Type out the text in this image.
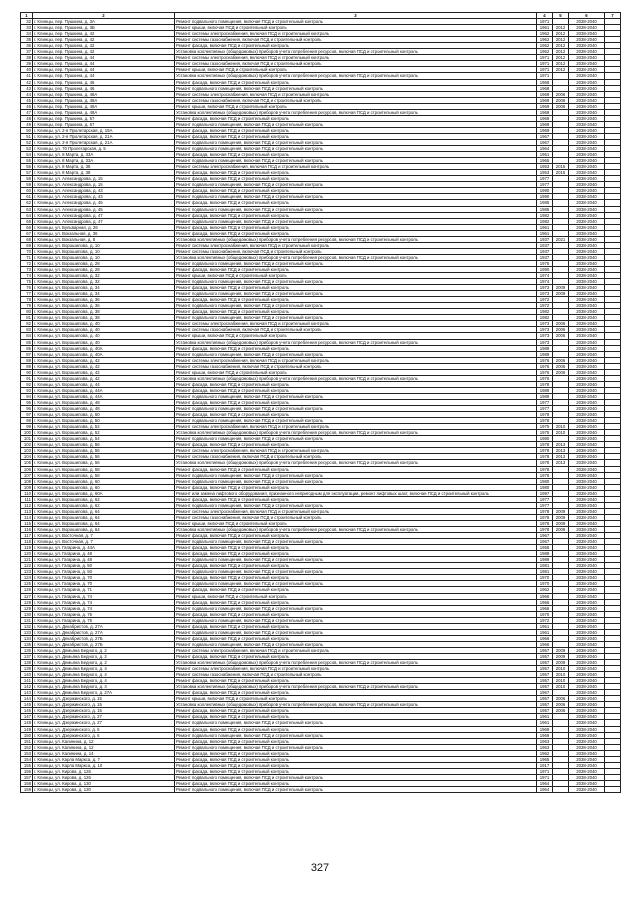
1	2	3	4	5	6	7
32	г. Клинцы, пер. Пушкина, д. 3А	Ремонт подвального помещения, включая ПСД и строительный контроль	1971		2038-2040	
33	г. Клинцы, пер. Пушкина, д. 3Б	Ремонт крыши, включая ПСД и строительный контроль	1961	2012	2038-2040	
34	г. Клинцы, пер. Пушкина, д. 42	Ремонт системы электроснабжения, включая ПСД и строительный контроль	1962	2012	2038-2040	
35	г. Клинцы, пер. Пушкина, д. 42	Ремонт системы газоснабжения, включая ПСД и строительный контроль	1962	2012	2038-2040	
36	г. Клинцы, пер. Пушкина, д. 42	Ремонт фасада, включая ПСД и строительный контроль	1962	2012	2038-2040	
37	г. Клинцы, пер. Пушкина, д. 42	Установка коллективных (общедомовых) приборов учета потребления ресурсов, включая ПСД и строительный контроль	1962	2012	2038-2040	
38	г. Клинцы, пер. Пушкина, д. 44	Ремонт системы электроснабжения, включая ПСД и строительный контроль	1971	2012	2038-2040	
39	г. Клинцы, пер. Пушкина, д. 44	Ремонт системы газоснабжения, включая ПСД и строительный контроль	1971	2012	2038-2040	
40	г. Клинцы, пер. Пушкина, д. 44	Ремонт крыши, включая ПСД и строительный контроль	1971	2012	2038-2040	
41	г. Клинцы, пер. Пушкина, д. 44	Установка коллективных (общедомовых) приборов учета потребления ресурсов, включая ПСД и строительный контроль	1971		2038-2040	
42	г. Клинцы, пер. Пушкина, д. 46	Ремонт фасада, включая ПСД и строительный контроль	1968		2038-2040	
43	г. Клинцы, пер. Пушкина, д. 46	Ремонт подвального помещения, включая ПСД и строительный контроль	1968		2038-2040	
44	г. Клинцы, пер. Пушкина, д. 48А	Ремонт системы электроснабжения, включая ПСД и строительный контроль	1969	2006	2038-2040	
45	г. Клинцы, пер. Пушкина, д. 48А	Ремонт системы газоснабжения, включая ПСД и строительный контроль	1969	2006	2038-2040	
46	г. Клинцы, пер. Пушкина, д. 48А	Ремонт крыши, включая ПСД и строительный контроль	1969	2006	2038-2040	
47	г. Клинцы, пер. Пушкина, д. 48А	Установка коллективных (общедомовых) приборов учета потребления ресурсов, включая ПСД и строительный контроль	1969		2038-2040	
48	г. Клинцы, пер. Пушкина, д. 57	Ремонт фасада, включая ПСД и строительный контроль	1969		2038-2040	
49	г. Клинцы, пер. Пушкина, д. 57	Ремонт подвального помещения, включая ПСД и строительный контроль	1969		2038-2040	
50	г. Клинцы, ул. 2-я Пролетарская, д. 19А	Ремонт фасада, включая ПСД и строительный контроль	1969		2038-2040	
51	г. Клинцы, ул. 2-я Пролетарская, д. 21А	Ремонт фасада, включая ПСД и строительный контроль	1967		2038-2040	
52	г. Клинцы, ул. 2-я Пролетарская, д. 21А	Ремонт подвального помещения, включая ПСД и строительный контроль	1967		2038-2040	
53	г. Клинцы, ул. 70 Пролетарская, д. 5	Ремонт подвального помещения, включая ПСД и строительный контроль	1964		2038-2040	
54	г. Клинцы, ул. 8 Марта, д. 33А	Ремонт фасада, включая ПСД и строительный контроль	1961		2038-2040	
55	г. Клинцы, ул. 8 Марта, д. 33А	Ремонт подвального помещения, включая ПСД и строительный контроль	1965		2038-2040	
56	г. Клинцы, ул. 8 Марта, д. 38	Ремонт системы электроснабжения, включая ПСД и строительный контроль	1953	2015	2038-2040	
57	г. Клинцы, ул. 8 Марта, д. 38	Ремонт фасада, включая ПСД и строительный контроль	1953	2015	2038-2040	
58	г. Клинцы, ул. Александрова, д. 15	Ремонт фасада, включая ПСД и строительный контроль	1977		2038-2040	
59	г. Клинцы, ул. Александрова, д. 15	Ремонт подвального помещения, включая ПСД и строительный контроль	1977		2038-2040	
60	г. Клинцы, ул. Александрова, д. 43	Ремонт фасада, включая ПСД и строительный контроль	1990		2038-2040	
61	г. Клинцы, ул. Александрова, д. 43	Ремонт подвального помещения, включая ПСД и строительный контроль	1990		2038-2040	
62	г. Клинцы, ул. Александрова, д. 45	Ремонт фасада, включая ПСД и строительный контроль	1985		2038-2040	
63	г. Клинцы, ул. Александрова, д. 45	Ремонт подвального помещения, включая ПСД и строительный контроль	1985		2038-2040	
64	г. Клинцы, ул. Александрова, д. 47	Ремонт фасада, включая ПСД и строительный контроль	1982		2038-2040	
65	г. Клинцы, ул. Александрова, д. 47	Ремонт подвального помещения, включая ПСД и строительный контроль	1982		2038-2040	
66	г. Клинцы, ул. Бульварная, д. 26	Ремонт фасада, включая ПСД и строительный контроль	1961		2038-2040	
67	г. Клинцы, ул. Вокзальная, д. 36	Ремонт фасада, включая ПСД и строительный контроль	1961		2038-2040	
68	г. Клинцы, ул. Вокзальная, д. 8	Установка коллективных (общедомовых) приборов учета потребления ресурсов, включая ПСД и строительный контроль	1937	2021	2038-2040	
69	г. Клинцы, ул. Ворошилова, д. 10	Ремонт системы электроснабжения, включая ПСД и строительный контроль	1937		2038-2040	
70	г. Клинцы, ул. Ворошилова, д. 10	Ремонт системы газоснабжения, включая ПСД и строительный контроль	1937		2038-2040	
71	г. Клинцы, ул. Ворошилова, д. 10	Установка коллективных (общедомовых) приборов учета потребления ресурсов, включая ПСД и строительный контроль	1937		2038-2040	
72	г. Клинцы, ул. Ворошилова, д. 28	Ремонт подвального помещения, включая ПСД и строительный контроль	1975		2038-2040	
73	г. Клинцы, ул. Ворошилова, д. 28	Ремонт фасада, включая ПСД и строительный контроль	1990		2038-2040	
74	г. Клинцы, ул. Ворошилова, д. 32	Ремонт крыши, включая ПСД и строительный контроль	1974		2038-2040	
75	г. Клинцы, ул. Ворошилова, д. 32	Ремонт подвального помещения, включая ПСД и строительный контроль	1974		2038-2040	
76	г. Клинцы, ул. Ворошилова, д. 34	Ремонт фасада, включая ПСД и строительный контроль	1973	2009	2038-2040	
77	г. Клинцы, ул. Ворошилова, д. 34	Ремонт подвального помещения, включая ПСД и строительный контроль	1973	2009	2038-2040	
78	г. Клинцы, ул. Ворошилова, д. 36	Ремонт фасада, включая ПСД и строительный контроль	1972		2038-2040	
79	г. Клинцы, ул. Ворошилова, д. 36	Ремонт подвального помещения, включая ПСД и строительный контроль	1972		2038-2040	
80	г. Клинцы, ул. Ворошилова, д. 38	Ремонт фасада, включая ПСД и строительный контроль	1982		2038-2040	
81	г. Клинцы, ул. Ворошилова, д. 38	Ремонт подвального помещения, включая ПСД и строительный контроль	1982		2038-2040	
82	г. Клинцы, ул. Ворошилова, д. 40	Ремонт системы электроснабжения, включая ПСД и строительный контроль	1973	2006	2038-2040	
83	г. Клинцы, ул. Ворошилова, д. 40	Ремонт системы газоснабжения, включая ПСД и строительный контроль	1973	2006	2038-2040	
84	г. Клинцы, ул. Ворошилова, д. 40	Ремонт крыши, включая ПСД и строительный контроль	1973	2006	2038-2040	
85	г. Клинцы, ул. Ворошилова, д. 40	Установка коллективных (общедомовых) приборов учета потребления ресурсов, включая ПСД и строительный контроль	1973		2038-2040	
86	г. Клинцы, ул. Ворошилова, д. 40А	Ремонт фасада, включая ПСД и строительный контроль	1989		2038-2040	
87	г. Клинцы, ул. Ворошилова, д. 40А	Ремонт подвального помещения, включая ПСД и строительный контроль	1989		2038-2040	
88	г. Клинцы, ул. Ворошилова, д. 42	Ремонт системы электроснабжения, включая ПСД и строительный контроль	1976	2006	2038-2040	
89	г. Клинцы, ул. Ворошилова, д. 42	Ремонт системы газоснабжения, включая ПСД и строительный контроль	1976	2006	2038-2040	
90	г. Клинцы, ул. Ворошилова, д. 42	Ремонт крыши, включая ПСД и строительный контроль	1976	2006	2038-2040	
91	г. Клинцы, ул. Ворошилова, д. 42	Установка коллективных (общедомовых) приборов учета потребления ресурсов, включая ПСД и строительный контроль	1976		2038-2040	
92	г. Клинцы, ул. Ворошилова, д. 44	Ремонт фасада, включая ПСД и строительный контроль	1978		2038-2040	
93	г. Клинцы, ул. Ворошилова, д. 44А	Ремонт фасада, включая ПСД и строительный контроль	1989		2038-2040	
94	г. Клинцы, ул. Ворошилова, д. 44А	Ремонт подвального помещения, включая ПСД и строительный контроль	1989		2038-2040	
95	г. Клинцы, ул. Ворошилова, д. 48	Ремонт фасада, включая ПСД и строительный контроль	1977		2038-2040	
96	г. Клинцы, ул. Ворошилова, д. 48	Ремонт подвального помещения, включая ПСД и строительный контроль	1977		2038-2040	
97	г. Клинцы, ул. Ворошилова, д. 50	Ремонт фасада, включая ПСД и строительный контроль	1978		2038-2040	
98	г. Клинцы, ул. Ворошилова, д. 50	Ремонт подвального помещения, включая ПСД и строительный контроль	1978		2038-2040	
99	г. Клинцы, ул. Ворошилова, д. 52	Ремонт системы электроснабжения, включая ПСД и строительный контроль	1975	2010	2038-2040	
100	г. Клинцы, ул. Ворошилова, д. 52	Установка коллективных (общедомовых) приборов учета потребления ресурсов, включая ПСД и строительный контроль	1975	2010	2038-2040	
101	г. Клинцы, ул. Ворошилова, д. 54	Ремонт подвального помещения, включая ПСД и строительный контроль	1980		2038-2040	
102	г. Клинцы, ул. Ворошилова, д. 56	Ремонт фасада, включая ПСД и строительный контроль	1978	2013	2038-2040	
103	г. Клинцы, ул. Ворошилова, д. 56	Ремонт системы электроснабжения, включая ПСД и строительный контроль	1978	2013	2038-2040	
104	г. Клинцы, ул. Ворошилова, д. 56	Ремонт системы газоснабжения, включая ПСД и строительный контроль	1978	2013	2038-2040	
105	г. Клинцы, ул. Ворошилова, д. 56	Установка коллективных (общедомовых) приборов учета потребления ресурсов, включая ПСД и строительный контроль	1978	2013	2038-2040	
106	г. Клинцы, ул. Ворошилова, д. 58	Ремонт фасада, включая ПСД и строительный контроль	1978		2038-2040	
107	г. Клинцы, ул. Ворошилова, д. 58	Ремонт подвального помещения, включая ПСД и строительный контроль	1978		2038-2040	
108	г. Клинцы, ул. Ворошилова, д. 60	Ремонт подвального помещения, включая ПСД и строительный контроль	1980		2038-2040	
109	г. Клинцы, ул. Ворошилова, д. 60	Ремонт фасада, включая ПСД и строительный контроль	1980		2038-2040	
110	г. Клинцы, ул. Ворошилова, д. 60А	Ремонт или замена лифтового оборудования, признанного непригодным для эксплуатации, ремонт лифтовых шахт, включая ПСД и строительный контроль	1997		2038-2040	
111	г. Клинцы, ул. Ворошилова, д. 62	Ремонт фасада, включая ПСД и строительный контроль	1977		2038-2040	
112	г. Клинцы, ул. Ворошилова, д. 62	Ремонт подвального помещения, включая ПСД и строительный контроль	1977		2038-2040	
113	г. Клинцы, ул. Ворошилова, д. 64	Ремонт системы электроснабжения, включая ПСД и строительный контроль	1978	2009	2038-2040	
114	г. Клинцы, ул. Ворошилова, д. 64	Ремонт системы газоснабжения, включая ПСД и строительный контроль	1978	2009	2038-2040	
115	г. Клинцы, ул. Ворошилова, д. 64	Ремонт крыши, включая ПСД и строительный контроль	1978	2009	2038-2040	
116	г. Клинцы, ул. Ворошилова, д. 64	Установка коллективных (общедомовых) приборов учета потребления ресурсов, включая ПСД и строительный контроль	1978	2009	2038-2040	
117	г. Клинцы, ул. Восточная, д. 7	Ремонт фасада, включая ПСД и строительный контроль	1967		2038-2040	
118	г. Клинцы, ул. Восточная, д. 7	Ремонт подвального помещения, включая ПСД и строительный контроль	1967		2038-2040	
119	г. Клинцы, ул. Гагарина, д. 44А	Ремонт фасада, включая ПСД и строительный контроль	1958		2038-2040	
120	г. Клинцы, ул. Гагарина, д. 48	Ремонт фасада, включая ПСД и строительный контроль	1989		2038-2040	
121	г. Клинцы, ул. Гагарина, д. 48	Ремонт подвального помещения, включая ПСД и строительный контроль	1989		2038-2040	
122	г. Клинцы, ул. Гагарина, д. 50	Ремонт фасада, включая ПСД и строительный контроль	1981		2038-2040	
123	г. Клинцы, ул. Гагарина, д. 50	Ремонт подвального помещения, включая ПСД и строительный контроль	1981		2038-2040	
124	г. Клинцы, ул. Гагарина, д. 70	Ремонт фасада, включая ПСД и строительный контроль	1970		2038-2040	
125	г. Клинцы, ул. Гагарина, д. 70	Ремонт подвального помещения, включая ПСД и строительный контроль	1970		2038-2040	
126	г. Клинцы, ул. Гагарина, д. 71	Ремонт фасада, включая ПСД и строительный контроль	1962		2038-2040	
127	г. Клинцы, ул. Гагарина, д. 74	Ремонт крыши, включая ПСД и строительный контроль	1966		2038-2040	
128	г. Клинцы, ул. Гагарина, д. 74	Ремонт фасада, включая ПСД и строительный контроль	1966		2038-2040	
129	г. Клинцы, ул. Гагарина, д. 74	Ремонт подвального помещения, включая ПСД и строительный контроль	1966		2038-2040	
130	г. Клинцы, ул. Гагарина, д. 75	Ремонт фасада, включая ПСД и строительный контроль	1970		2038-2040	
131	г. Клинцы, ул. Гагарина, д. 75	Ремонт подвального помещения, включая ПСД и строительный контроль	1972		2038-2040	
132	г. Клинцы, ул. Декабристов, д. 27А	Ремонт фасада, включая ПСД и строительный контроль	1961		2038-2040	
133	г. Клинцы, ул. Декабристов, д. 27А	Ремонт подвального помещения, включая ПСД и строительный контроль	1961		2038-2040	
134	г. Клинцы, ул. Декабристов, д. 27Б	Ремонт фасада, включая ПСД и строительный контроль	1966		2038-2040	
135	г. Клинцы, ул. Декабристов, д. 27Б	Ремонт подвального помещения, включая ПСД и строительный контроль	1966		2038-2040	
136	г. Клинцы, ул. Демьяна Бедного, д. 2	Ремонт системы электроснабжения, включая ПСД и строительный контроль	1957	2009	2038-2040	
137	г. Клинцы, ул. Демьяна Бедного, д. 2	Ремонт фасада, включая ПСД и строительный контроль	1957	2009	2038-2040	
138	г. Клинцы, ул. Демьяна Бедного, д. 2	Установка коллективных (общедомовых) приборов учета потребления ресурсов, включая ПСД и строительный контроль	1957	2009	2038-2040	
139	г. Клинцы, ул. Демьяна Бедного, д. 4	Ремонт системы электроснабжения, включая ПСД и строительный контроль	1957	2010	2038-2040	
140	г. Клинцы, ул. Демьяна Бедного, д. 4	Ремонт системы газоснабжения, включая ПСД и строительный контроль	1957	2010	2038-2040	
141	г. Клинцы, ул. Демьяна Бедного, д. 4	Ремонт фасада, включая ПСД и строительный контроль	1957	2010	2038-2040	
142	г. Клинцы, ул. Демьяна Бедного, д. 4	Установка коллективных (общедомовых) приборов учета потребления ресурсов, включая ПСД и строительный контроль	1957	2010	2038-2040	
143	г. Клинцы, ул. Демьяна Бедного, д. 27А	Ремонт фасада, включая ПСД и строительный контроль	1967		2038-2040	
144	г. Клинцы, ул. Дзержинского, д. 15	Ремонт крыши, включая ПСД и строительный контроль	1957	2006	2038-2040	
145	г. Клинцы, ул. Дзержинского, д. 15	Установка коллективных (общедомовых) приборов учета потребления ресурсов, включая ПСД и строительный контроль	1957	2006	2038-2040	
146	г. Клинцы, ул. Дзержинского, д. 15	Ремонт фасада, включая ПСД и строительный контроль	1957	2006	2038-2040	
147	г. Клинцы, ул. Дзержинского, д. 27	Ремонт фасада, включая ПСД и строительный контроль	1961		2038-2040	
148	г. Клинцы, ул. Дзержинского, д. 27	Ремонт подвального помещения, включая ПСД и строительный контроль	1961		2038-2040	
149	г. Клинцы, ул. Дзержинского, д. 6	Ремонт фасада, включая ПСД и строительный контроль	1969		2038-2040	
150	г. Клинцы, ул. Дзержинского, д. 6	Ремонт подвального помещения, включая ПСД и строительный контроль	1969		2038-2040	
151	г. Клинцы, ул. Калинина, д. 12	Ремонт фасада, включая ПСД и строительный контроль	1963		2038-2040	
152	г. Клинцы, ул. Калинина, д. 12	Ремонт подвального помещения, включая ПСД и строительный контроль	1963		2038-2040	
153	г. Клинцы, ул. Калинина, д. 14	Ремонт фасада, включая ПСД и строительный контроль	1962		2038-2040	
154	г. Клинцы, ул. Карла Маркса, д. 7	Ремонт фасада, включая ПСД и строительный контроль	1965		2038-2040	
155	г. Клинцы, ул. Карла Маркса, д. 10	Ремонт фасада, включая ПСД и строительный контроль	1917		2038-2040	
156	г. Клинцы, ул. Кирова, д. 126	Ремонт фасада, включая ПСД и строительный контроль	1971		2038-2040	
157	г. Клинцы, ул. Кирова, д. 126	Ремонт подвального помещения, включая ПСД и строительный контроль	1971		2038-2040	
158	г. Клинцы, ул. Кирова, д. 130	Ремонт фасада, включая ПСД и строительный контроль	1964		2038-2040	
159	г. Клинцы, ул. Кирова, д. 130	Ремонт подвального помещения, включая ПСД и строительный контроль	1964		2038-2040	
327
